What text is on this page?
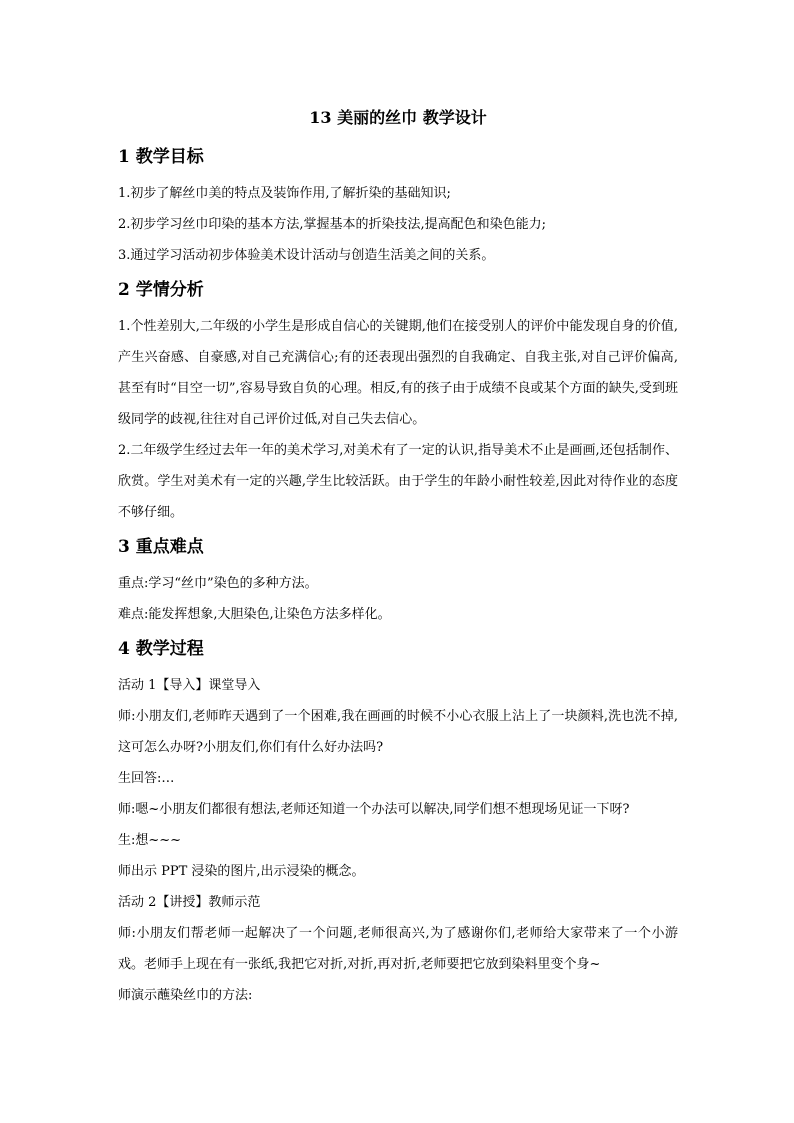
13 美丽的丝巾 教学设计
1 教学目标

1.初步了解丝巾美的特点及装饰作用,了解折染的基础知识;

2.初步学习丝巾印染的基本方法,掌握基本的折染技法,提高配色和染色能力;

3.通过学习活动初步体验美术设计活动与创造生活美之间的关系。

2 学情分析

1.个性差别大,二年级的小学生是形成自信心的关键期,他们在接受别人的评价中能发现自身的价值,产生兴奋感、自豪感,对自己充满信心;有的还表现出强烈的自我确定、自我主张,对自己评价偏高,甚至有时“目空一切”,容易导致自负的心理。相反,有的孩子由于成绩不良或某个方面的缺失,受到班级同学的歧视,往往对自己评价过低,对自己失去信心。

2.二年级学生经过去年一年的美术学习,对美术有了一定的认识,指导美术不止是画画,还包括制作、欣赏。学生对美术有一定的兴趣,学生比较活跃。由于学生的年龄小耐性较差,因此对待作业的态度不够仔细。

3 重点难点

重点:学习“丝巾”染色的多种方法。

难点:能发挥想象,大胆染色,让染色方法多样化。

4 教学过程

活动 1【导入】课堂导入

师:小朋友们,老师昨天遇到了一个困难,我在画画的时候不小心衣服上沾上了一块颜料,洗也洗不掉,这可怎么办呀?小朋友们,你们有什么好办法吗?

生回答:…

师:嗯~小朋友们都很有想法,老师还知道一个办法可以解决,同学们想不想现场见证一下呀?

生:想~~~

师出示 PPT 浸染的图片,出示浸染的概念。

活动 2【讲授】教师示范

师:小朋友们帮老师一起解决了一个问题,老师很高兴,为了感谢你们,老师给大家带来了一个小游戏。老师手上现在有一张纸,我把它对折,对折,再对折,老师要把它放到染料里变个身~

师演示蘸染丝巾的方法:
